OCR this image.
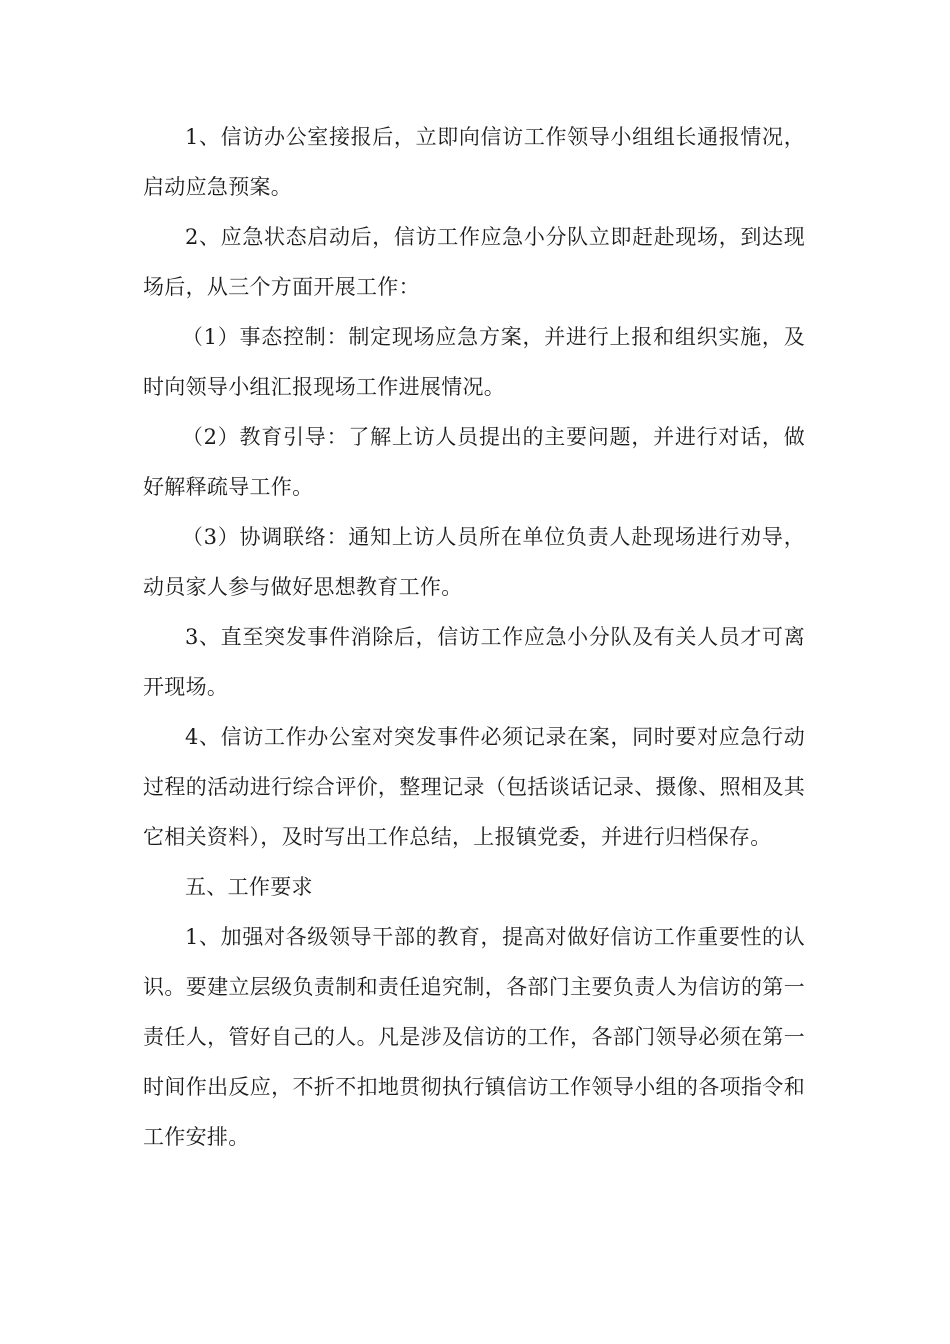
1、信访办公室接报后，立即向信访工作领导小组组长通报情况，启动应急预案。

2、应急状态启动后，信访工作应急小分队立即赶赴现场，到达现场后，从三个方面开展工作：

（1）事态控制：制定现场应急方案，并进行上报和组织实施，及时向领导小组汇报现场工作进展情况。

（2）教育引导：了解上访人员提出的主要问题，并进行对话，做好解释疏导工作。

（3）协调联络：通知上访人员所在单位负责人赴现场进行劝导，动员家人参与做好思想教育工作。

3、直至突发事件消除后，信访工作应急小分队及有关人员才可离开现场。

4、信访工作办公室对突发事件必须记录在案，同时要对应急行动过程的活动进行综合评价，整理记录（包括谈话记录、摄像、照相及其它相关资料），及时写出工作总结，上报镇党委，并进行归档保存。

五、工作要求

1、加强对各级领导干部的教育，提高对做好信访工作重要性的认识。要建立层级负责制和责任追究制，各部门主要负责人为信访的第一责任人，管好自己的人。凡是涉及信访的工作，各部门领导必须在第一时间作出反应，不折不扣地贯彻执行镇信访工作领导小组的各项指令和工作安排。
